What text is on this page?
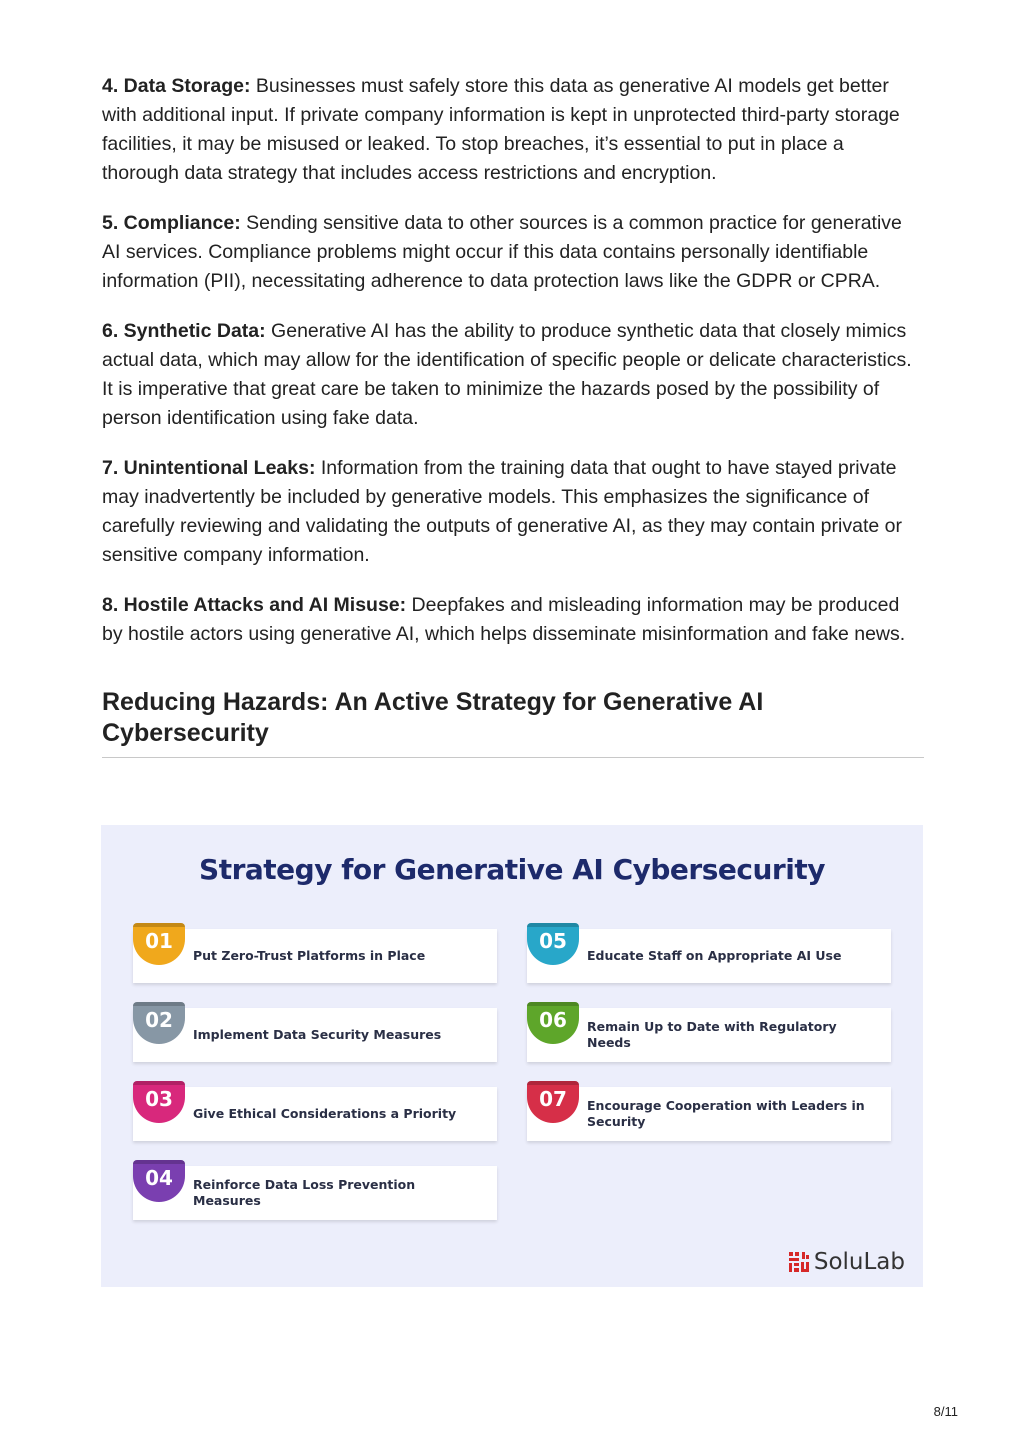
4. Data Storage: Businesses must safely store this data as generative AI models get better with additional input. If private company information is kept in unprotected third-party storage facilities, it may be misused or leaked. To stop breaches, it’s essential to put in place a thorough data strategy that includes access restrictions and encryption.

5. Compliance: Sending sensitive data to other sources is a common practice for generative AI services. Compliance problems might occur if this data contains personally identifiable information (PII), necessitating adherence to data protection laws like the GDPR or CPRA.

6. Synthetic Data: Generative AI has the ability to produce synthetic data that closely mimics actual data, which may allow for the identification of specific people or delicate characteristics. It is imperative that great care be taken to minimize the hazards posed by the possibility of person identification using fake data.

7. Unintentional Leaks: Information from the training data that ought to have stayed private may inadvertently be included by generative models. This emphasizes the significance of carefully reviewing and validating the outputs of generative AI, as they may contain private or sensitive company information.

8. Hostile Attacks and AI Misuse: Deepfakes and misleading information may be produced by hostile actors using generative AI, which helps disseminate misinformation and fake news.

Reducing Hazards: An Active Strategy for Generative AI Cybersecurity
Strategy for Generative AI Cybersecurity
01
Put Zero-Trust Platforms in Place
02
Implement Data Security Measures
03
Give Ethical Considerations a Priority
04	Reinforce Data Loss Prevention Measures
05
Educate Staff on Appropriate AI Use
06	Remain Up to Date with Regulatory Needs
07	Encourage Cooperation with Leaders in Security
SoluLab
8/11
